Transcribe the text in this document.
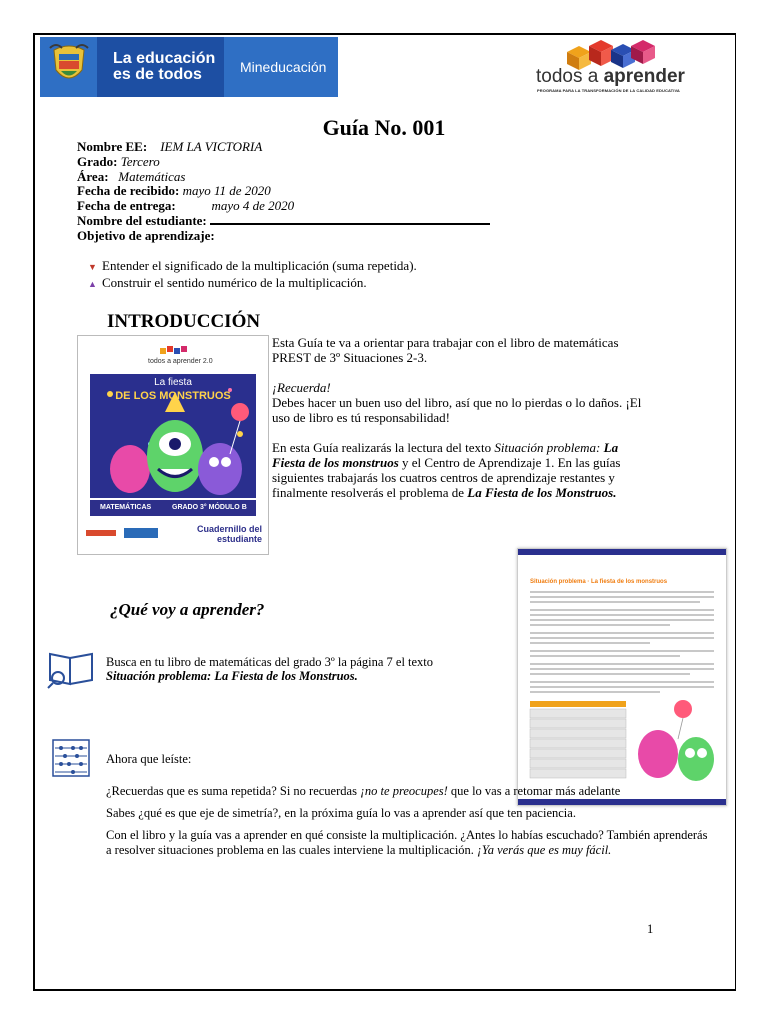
La educación
es de todos	Mineducación	todos a aprender
PROGRAMA PARA LA TRANSFORMACIÓN DE LA CALIDAD EDUCATIVA
Guía No. 001
Nombre EE: IEM LA VICTORIA
Grado: Tercero
Área: Matemáticas
Fecha de recibido: mayo 11 de 2020
Fecha de entrega:	mayo 4 de 2020
Nombre del estudiante:
Objetivo de aprendizaje:
▼ Entender el significado de la multiplicación (suma repetida).
▲ Construir el sentido numérico de la multiplicación.
INTRODUCCIÓN
todos a aprender 2.0
La fiesta
DE LOS MONSTRUOS
MATEMÁTICAS	GRADO 3° MÓDULO B
Cuadernillo del estudiante

Esta Guía te va a orientar para trabajar con el libro de matemáticas PREST de 3º Situaciones 2-3.

¡Recuerda!

Debes hacer un buen uso del libro, así que no lo pierdas o lo daños. ¡El uso de libro es tú responsabilidad!

En esta Guía realizarás la lectura del texto Situación problema: La Fiesta de los monstruos y el Centro de Aprendizaje 1. En las guías siguientes trabajarás los cuatros centros de aprendizaje restantes y finalmente resolverás el problema de La Fiesta de los Monstruos.

Situación problema · La fiesta de los monstruos
¿Qué voy a aprender?
Busca en tu libro de matemáticas del grado 3º la página 7 el texto
Situación problema: La Fiesta de los Monstruos.
Ahora que leíste:
¿Recuerdas que es suma repetida? Si no recuerdas ¡no te preocupes! que lo vas a retomar más adelante
Sabes ¿qué es que eje de simetría?, en la próxima guía lo vas a aprender así que ten paciencia.
Con el libro y la guía vas a aprender en qué consiste la multiplicación. ¿Antes lo habías escuchado? También aprenderás a resolver situaciones problema en las cuales interviene la multiplicación. ¡Ya verás que es muy fácil.
1
